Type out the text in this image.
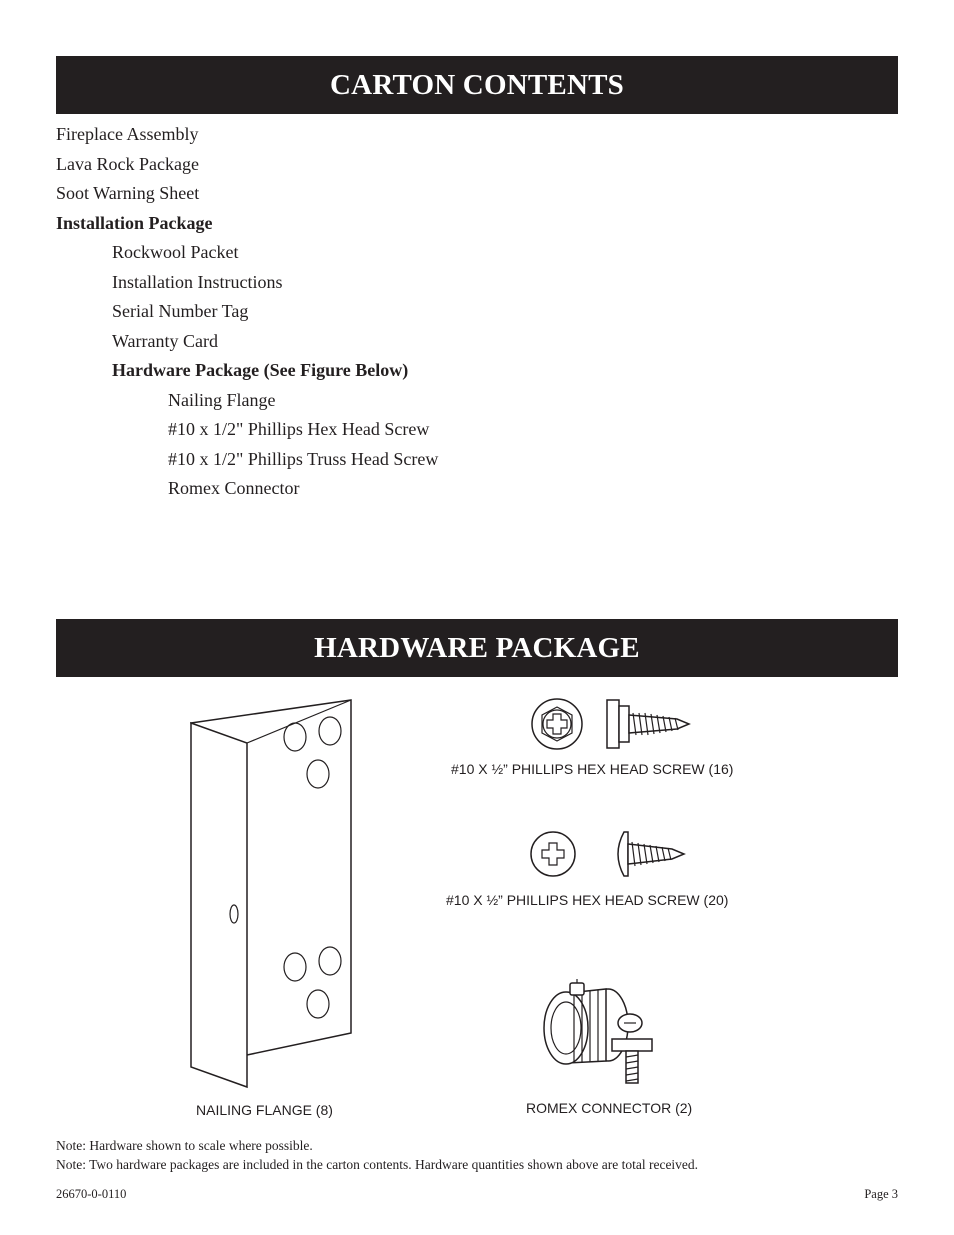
CARTON CONTENTS
Fireplace Assembly
Lava Rock Package
Soot Warning Sheet
Installation Package
Rockwool Packet
Installation Instructions
Serial Number Tag
Warranty Card
Hardware Package (See Figure Below)
Nailing Flange
#10 x 1/2" Phillips Hex Head Screw
#10 x 1/2" Phillips Truss Head Screw
Romex Connector
HARDWARE PACKAGE
NAILING FLANGE (8)
#10 X ½” PHILLIPS HEX HEAD SCREW (16)
#10 X ½” PHILLIPS HEX HEAD SCREW (20)
ROMEX CONNECTOR (2)
Note: Hardware shown to scale where possible.
Note: Two hardware packages are included in the carton contents. Hardware quantities shown above are total received.
26670-0-0110	Page 3
